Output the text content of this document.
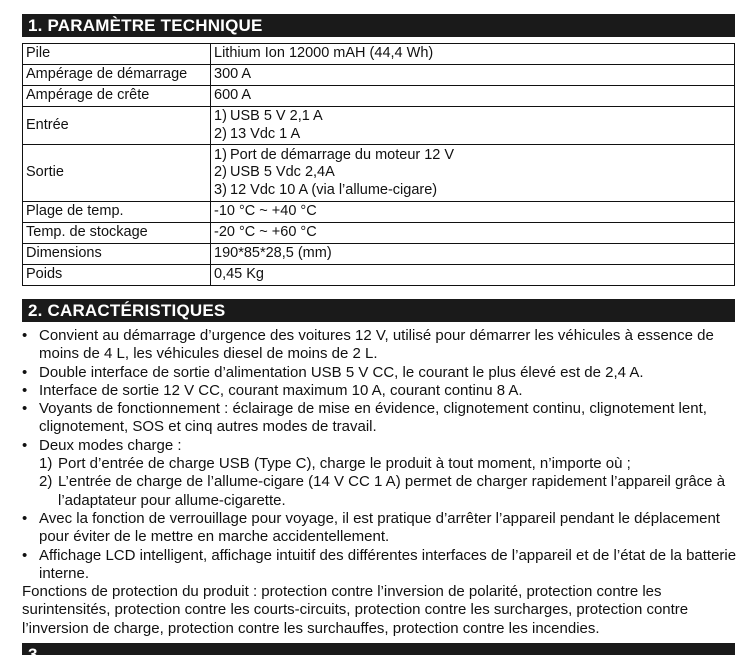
1. PARAMÈTRE TECHNIQUE
Pile	Lithium Ion 12000 mAH (44,4 Wh)
Ampérage de démarrage	300 A
Ampérage de crête	600 A
Entrée	1) USB 5 V 2,1 A
2) 13 Vdc 1 A

Sortie	1) Port de démarrage du moteur 12 V
2) USB 5 Vdc 2,4A
3) 12 Vdc 10 A (via l’allume-cigare)

Plage de temp.	-10 °C ~ +40 °C
Temp. de stockage	-20 °C ~ +60 °C
Dimensions	190*85*28,5 (mm)
Poids	0,45 Kg
2. CARACTÉRISTIQUES
• Convient au démarrage d’urgence des voitures 12 V, utilisé pour démarrer les véhicules à essence de moins de 4 L, les véhicules diesel de moins de 2 L.
• Double interface de sortie d’alimentation USB 5 V CC, le courant le plus élevé est de 2,4 A.
• Interface de sortie 12 V CC, courant maximum 10 A, courant continu 8 A.
• Voyants de fonctionnement : éclairage de mise en évidence, clignotement continu, clignotement lent, clignotement, SOS et cinq autres modes de travail.
• Deux modes charge :
1) Port d’entrée de charge USB (Type C), charge le produit à tout moment, n’importe où ;
2) L’entrée de charge de l’allume-cigare (14 V CC 1 A) permet de charger rapidement l’appareil grâce à l’adaptateur pour allume-cigarette.
• Avec la fonction de verrouillage pour voyage, il est pratique d’arrêter l’appareil pendant le déplacement pour éviter de le mettre en marche accidentellement.
• Affichage LCD intelligent, affichage intuitif des différentes interfaces de l’appareil et de l’état de la batterie interne.
Fonctions de protection du produit : protection contre l’inversion de polarité, protection contre les surintensités, protection contre les courts-circuits, protection contre les surcharges, protection contre l’inversion de charge, protection contre les surchauffes, protection contre les incendies.
3. ...
